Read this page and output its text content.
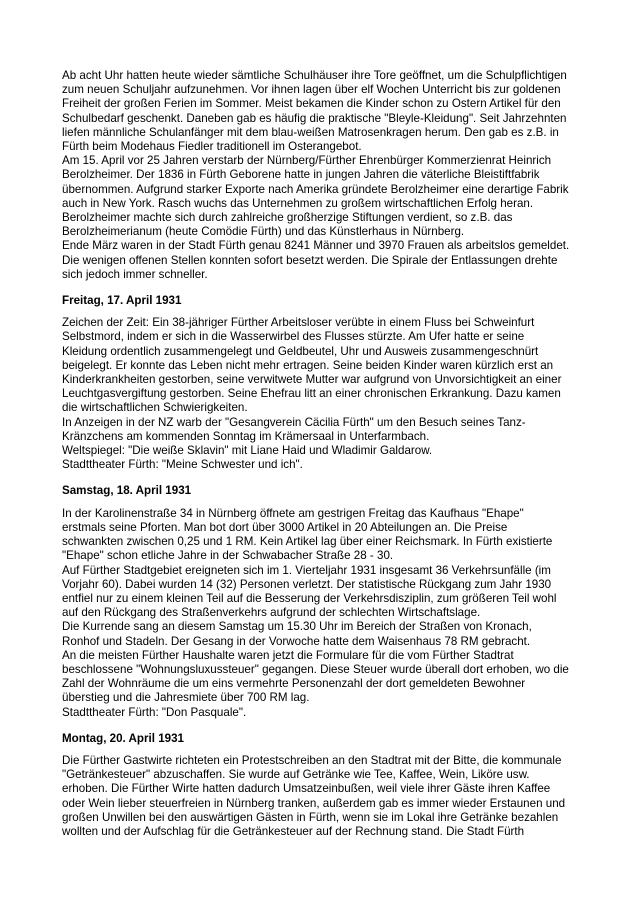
Ab acht Uhr hatten heute wieder sämtliche Schulhäuser ihre Tore geöffnet, um die Schulpflichtigen
zum neuen Schuljahr aufzunehmen. Vor ihnen lagen über elf Wochen Unterricht bis zur goldenen
Freiheit der großen Ferien im Sommer. Meist bekamen die Kinder schon zu Ostern Artikel für den
Schulbedarf geschenkt. Daneben gab es häufig die praktische "Bleyle-Kleidung". Seit Jahrzehnten
liefen männliche Schulanfänger mit dem blau-weißen Matrosenkragen herum. Den gab es z.B. in
Fürth beim Modehaus Fiedler traditionell im Osterangebot.
Am 15. April vor 25 Jahren verstarb der Nürnberg/Fürther Ehrenbürger Kommerzienrat Heinrich
Berolzheimer. Der 1836 in Fürth Geborene hatte in jungen Jahren die väterliche Bleistiftfabrik
übernommen. Aufgrund starker Exporte nach Amerika gründete Berolzheimer eine derartige Fabrik
auch in New York. Rasch wuchs das Unternehmen zu großem wirtschaftlichen Erfolg heran.
Berolzheimer machte sich durch zahlreiche großherzige Stiftungen verdient, so z.B. das
Berolzheimerianum (heute Comödie Fürth) und das Künstlerhaus in Nürnberg.
Ende März waren in der Stadt Fürth genau 8241 Männer und 3970 Frauen als arbeitslos gemeldet.
Die wenigen offenen Stellen konnten sofort besetzt werden. Die Spirale der Entlassungen drehte
sich jedoch immer schneller.
Freitag, 17. April 1931
Zeichen der Zeit: Ein 38-jähriger Fürther Arbeitsloser verübte in einem Fluss bei Schweinfurt
Selbstmord, indem er sich in die Wasserwirbel des Flusses stürzte. Am Ufer hatte er seine
Kleidung ordentlich zusammengelegt und Geldbeutel, Uhr und Ausweis zusammengeschnürt
beigelegt. Er konnte das Leben nicht mehr ertragen. Seine beiden Kinder waren kürzlich erst an
Kinderkrankheiten gestorben, seine verwitwete Mutter war aufgrund von Unvorsichtigkeit an einer
Leuchtgasvergiftung gestorben. Seine Ehefrau litt an einer chronischen Erkrankung. Dazu kamen
die wirtschaftlichen Schwierigkeiten.
In Anzeigen in der NZ warb der "Gesangverein Cäcilia Fürth" um den Besuch seines Tanz-
Kränzchens am kommenden Sonntag im Krämersaal in Unterfarmbach.
Weltspiegel: "Die weiße Sklavin" mit Liane Haid und Wladimir Galdarow.
Stadttheater Fürth: "Meine Schwester und ich".
Samstag, 18. April 1931
In der Karolinenstraße 34 in Nürnberg öffnete am gestrigen Freitag das Kaufhaus "Ehape"
erstmals seine Pforten. Man bot dort über 3000 Artikel in 20 Abteilungen an. Die Preise
schwankten zwischen 0,25 und 1 RM. Kein Artikel lag über einer Reichsmark. In Fürth existierte
"Ehape" schon etliche Jahre in der Schwabacher Straße 28 - 30.
Auf Fürther Stadtgebiet ereigneten sich im 1. Vierteljahr 1931 insgesamt 36 Verkehrsunfälle (im
Vorjahr 60). Dabei wurden 14 (32) Personen verletzt. Der statistische Rückgang zum Jahr 1930
entfiel nur zu einem kleinen Teil auf die Besserung der Verkehrsdisziplin, zum größeren Teil wohl
auf den Rückgang des Straßenverkehrs aufgrund der schlechten Wirtschaftslage.
Die Kurrende sang an diesem Samstag um 15.30 Uhr im Bereich der Straßen von Kronach,
Ronhof und Stadeln. Der Gesang in der Vorwoche hatte dem Waisenhaus 78 RM gebracht.
An die meisten Fürther Haushalte waren jetzt die Formulare für die vom Fürther Stadtrat
beschlossene "Wohnungsluxussteuer" gegangen. Diese Steuer wurde überall dort erhoben, wo die
Zahl der Wohnräume die um eins vermehrte Personenzahl der dort gemeldeten Bewohner
überstieg und die Jahresmiete über 700 RM lag.
Stadttheater Fürth: "Don Pasquale".
Montag, 20. April 1931
Die Fürther Gastwirte richteten ein Protestschreiben an den Stadtrat mit der Bitte, die kommunale
"Getränkesteuer" abzuschaffen. Sie wurde auf Getränke wie Tee, Kaffee, Wein, Liköre usw.
erhoben. Die Fürther Wirte hatten dadurch Umsatzeinbußen, weil viele ihrer Gäste ihren Kaffee
oder Wein lieber steuerfreien in Nürnberg tranken, außerdem gab es immer wieder Erstaunen und
großen Unwillen bei den auswärtigen Gästen in Fürth, wenn sie im Lokal ihre Getränke bezahlen
wollten und der Aufschlag für die Getränkesteuer auf der Rechnung stand. Die Stadt Fürth
